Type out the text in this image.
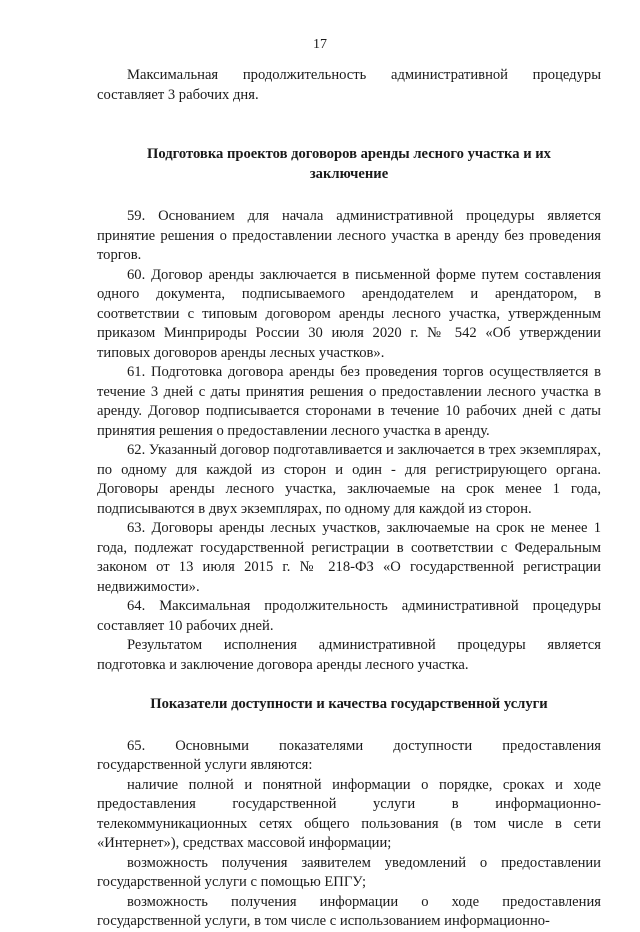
17

Максимальная продолжительность административной процедуры составляет 3 рабочих дня.

Подготовка проектов договоров аренды лесного участка и их заключение

59. Основанием для начала административной процедуры является принятие решения о предоставлении лесного участка в аренду без проведения торгов.

60. Договор аренды заключается в письменной форме путем составления одного документа, подписываемого арендодателем и арендатором, в соответствии с типовым договором аренды лесного участка, утвержденным приказом Минприроды России 30 июля 2020 г. № 542 «Об утверждении типовых договоров аренды лесных участков».

61. Подготовка договора аренды без проведения торгов осуществляется в течение 3 дней с даты принятия решения о предоставлении лесного участка в аренду. Договор подписывается сторонами в течение 10 рабочих дней с даты принятия решения о предоставлении лесного участка в аренду.

62. Указанный договор подготавливается и заключается в трех экземплярах, по одному для каждой из сторон и один - для регистрирующего органа. Договоры аренды лесного участка, заключаемые на срок менее 1 года, подписываются в двух экземплярах, по одному для каждой из сторон.

63. Договоры аренды лесных участков, заключаемые на срок не менее 1 года, подлежат государственной регистрации в соответствии с Федеральным законом от 13 июля 2015 г. № 218-ФЗ «О государственной регистрации недвижимости».

64. Максимальная продолжительность административной процедуры составляет 10 рабочих дней.

Результатом исполнения административной процедуры является подготовка и заключение договора аренды лесного участка.

Показатели доступности и качества государственной услуги

65. Основными показателями доступности предоставления государственной услуги являются:

наличие полной и понятной информации о порядке, сроках и ходе предоставления государственной услуги в информационно-телекоммуникационных сетях общего пользования (в том числе в сети «Интернет»), средствах массовой информации;

возможность получения заявителем уведомлений о предоставлении государственной услуги с помощью ЕПГУ;

возможность получения информации о ходе предоставления государственной услуги, в том числе с использованием информационно-
